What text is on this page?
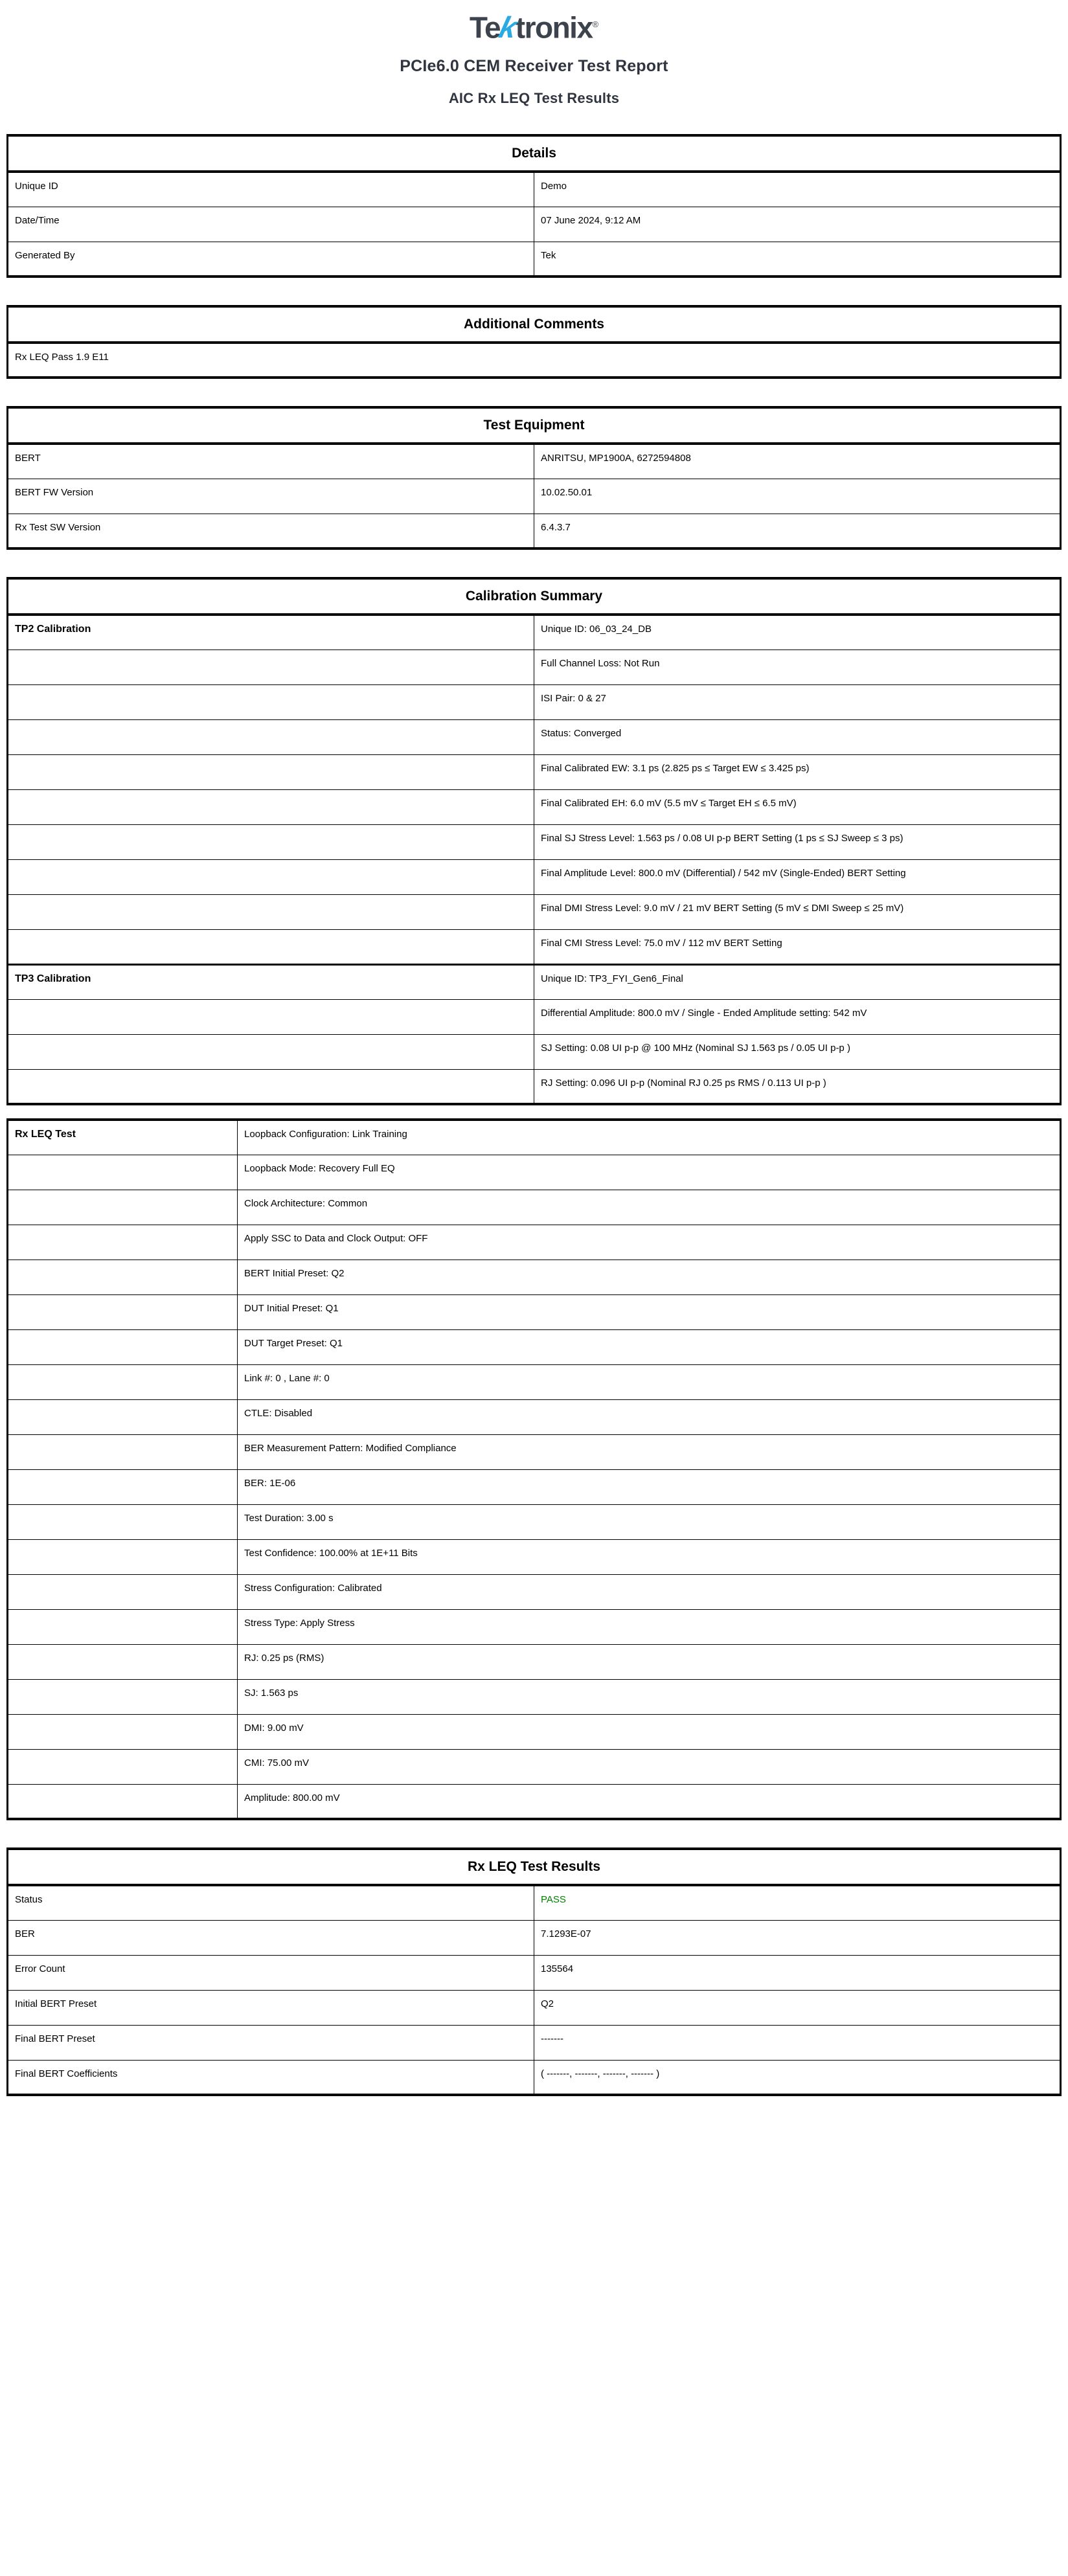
Tektronix®
PCIe6.0 CEM Receiver Test Report
AIC Rx LEQ Test Results
Details	
Unique ID	Demo
Date/Time	07 June 2024, 9:12 AM
Generated By	Tek
Additional Comments
Rx LEQ Pass 1.9 E11
Test Equipment	
BERT	ANRITSU, MP1900A, 6272594808
BERT FW Version	10.02.50.01
Rx Test SW Version	6.4.3.7
Calibration Summary	
TP2 Calibration	Unique ID: 06_03_24_DB
	Full Channel Loss: Not Run
	ISI Pair: 0 & 27
	Status: Converged
	Final Calibrated EW: 3.1 ps (2.825 ps ≤ Target EW ≤ 3.425 ps)
	Final Calibrated EH: 6.0 mV (5.5 mV ≤ Target EH ≤ 6.5 mV)
	Final SJ Stress Level: 1.563 ps / 0.08 UI p-p BERT Setting (1 ps ≤ SJ Sweep ≤ 3 ps)
	Final Amplitude Level: 800.0 mV (Differential) / 542 mV (Single-Ended) BERT Setting
	Final DMI Stress Level: 9.0 mV / 21 mV BERT Setting (5 mV ≤ DMI Sweep ≤ 25 mV)
	Final CMI Stress Level: 75.0 mV / 112 mV BERT Setting
TP3 Calibration	Unique ID: TP3_FYI_Gen6_Final
	Differential Amplitude: 800.0 mV / Single - Ended Amplitude setting: 542 mV
	SJ Setting: 0.08 UI p-p @ 100 MHz (Nominal SJ 1.563 ps / 0.05 UI p-p )
	RJ Setting: 0.096 UI p-p (Nominal RJ 0.25 ps RMS / 0.113 UI p-p )
Rx LEQ Test	Loopback Configuration: Link Training
	Loopback Mode: Recovery Full EQ
	Clock Architecture: Common
	Apply SSC to Data and Clock Output: OFF
	BERT Initial Preset: Q2
	DUT Initial Preset: Q1
	DUT Target Preset: Q1
	Link #: 0 , Lane #: 0
	CTLE: Disabled
	BER Measurement Pattern: Modified Compliance
	BER: 1E-06
	Test Duration: 3.00 s
	Test Confidence: 100.00% at 1E+11 Bits
	Stress Configuration: Calibrated
	Stress Type: Apply Stress
	RJ: 0.25 ps (RMS)
	SJ: 1.563 ps
	DMI: 9.00 mV
	CMI: 75.00 mV
	Amplitude: 800.00 mV
Rx LEQ Test Results	
Status	PASS
BER	7.1293E-07
Error Count	135564
Initial BERT Preset	Q2
Final BERT Preset	-------
Final BERT Coefficients	( -------, -------, -------, ------- )
